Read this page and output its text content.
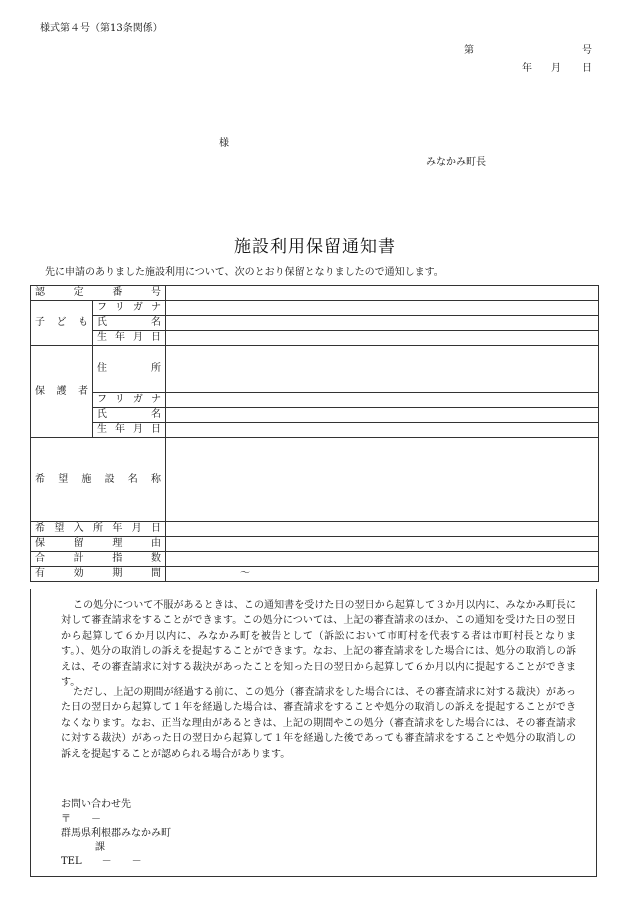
様式第４号（第13条関係）
第	号
年 月 日
様
みなかみ町長
施設利用保留通知書
先に申請のありました施設利用について、次のとおり保留となりましたので通知します。
認定番号		
子ども	フリガナ	
	氏名	
	生年月日	
保護者	住所	
	フリガナ	
	氏名	
	生年月日	
希望施設名称		
希望入所年月日		
保留理由		
合計指数		
有効期間		～
この処分について不服があるときは、この通知書を受けた日の翌日から起算して３か月以内に、みなかみ町長に対して審査請求をすることができます。この処分については、上記の審査請求のほか、この通知を受けた日の翌日から起算して６か月以内に、みなかみ町を被告として（訴訟において市町村を代表する者は市町村長となります。）、処分の取消しの訴えを提起することができます。なお、上記の審査請求をした場合には、処分の取消しの訴えは、その審査請求に対する裁決があったことを知った日の翌日から起算して６か月以内に提起することができます。
ただし、上記の期間が経過する前に、この処分（審査請求をした場合には、その審査請求に対する裁決）があった日の翌日から起算して１年を経過した場合は、審査請求をすることや処分の取消しの訴えを提起することができなくなります。なお、正当な理由があるときは、上記の期間やこの処分（審査請求をした場合には、その審査請求に対する裁決）があった日の翌日から起算して１年を経過した後であっても審査請求をすることや処分の取消しの訴えを提起することが認められる場合があります。
お問い合わせ先
〒　　－
群馬県利根郡みなかみ町
課
TEL　　－　　－
